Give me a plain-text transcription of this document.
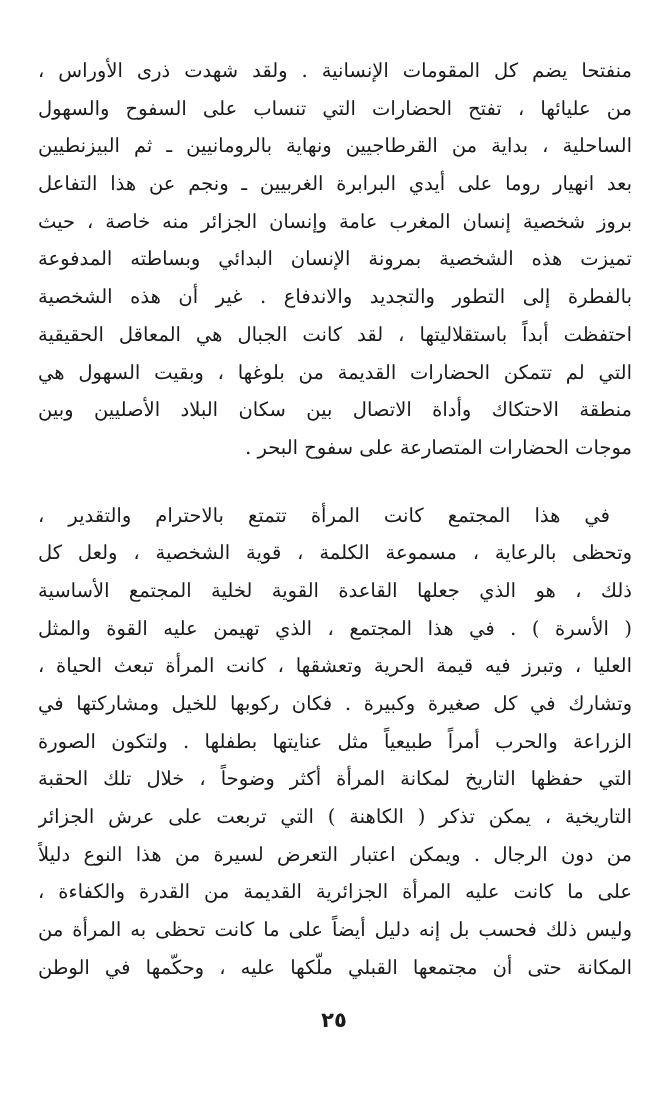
منفتحا يضم كل المقومات الإنسانية . ولقد شهدت ذرى الأوراس ،
من عليائها ، تفتح الحضارات التي تنساب على السفوح والسهول
الساحلية ، بداية من القرطاجيين ونهاية بالرومانيين ـ ثم البيزنطيين
بعد انهيار روما على أيدي البرابرة الغربيين ـ ونجم عن هذا التفاعل
بروز شخصية إنسان المغرب عامة وإنسان الجزائر منه خاصة ، حيث
تميزت هذه الشخصية بمرونة الإنسان البدائي وبساطته المدفوعة
بالفطرة إلى التطور والتجديد والاندفاع . غير أن هذه الشخصية
احتفظت أبداً باستقلاليتها ، لقد كانت الجبال هي المعاقل الحقيقية
التي لم تتمكن الحضارات القديمة من بلوغها ، وبقيت السهول هي
منطقة الاحتكاك وأداة الاتصال بين سكان البلاد الأصليين وبين
موجات الحضارات المتصارعة على سفوح البحر .

في هذا المجتمع كانت المرأة تتمتع بالاحترام والتقدير ،
وتحظى بالرعاية ، مسموعة الكلمة ، قوية الشخصية ، ولعل كل
ذلك ، هو الذي جعلها القاعدة القوية لخلية المجتمع الأساسية
( الأسرة ) . في هذا المجتمع ، الذي تهيمن عليه القوة والمثل
العليا ، وتبرز فيه قيمة الحرية وتعشقها ، كانت المرأة تبعث الحياة ،
وتشارك في كل صغيرة وكبيرة . فكان ركوبها للخيل ومشاركتها في
الزراعة والحرب أمراً طبيعياً مثل عنايتها بطفلها . ولتكون الصورة
التي حفظها التاريخ لمكانة المرأة أكثر وضوحاً ، خلال تلك الحقبة
التاريخية ، يمكن تذكر ( الكاهنة ) التي تربعت على عرش الجزائر
من دون الرجال . ويمكن اعتبار التعرض لسيرة من هذا النوع دليلاً
على ما كانت عليه المرأة الجزائرية القديمة من القدرة والكفاءة ،
وليس ذلك فحسب بل إنه دليل أيضاً على ما كانت تحظى به المرأة من
المكانة حتى أن مجتمعها القبلي ملّكها عليه ، وحكّمها في الوطن

٢٥
